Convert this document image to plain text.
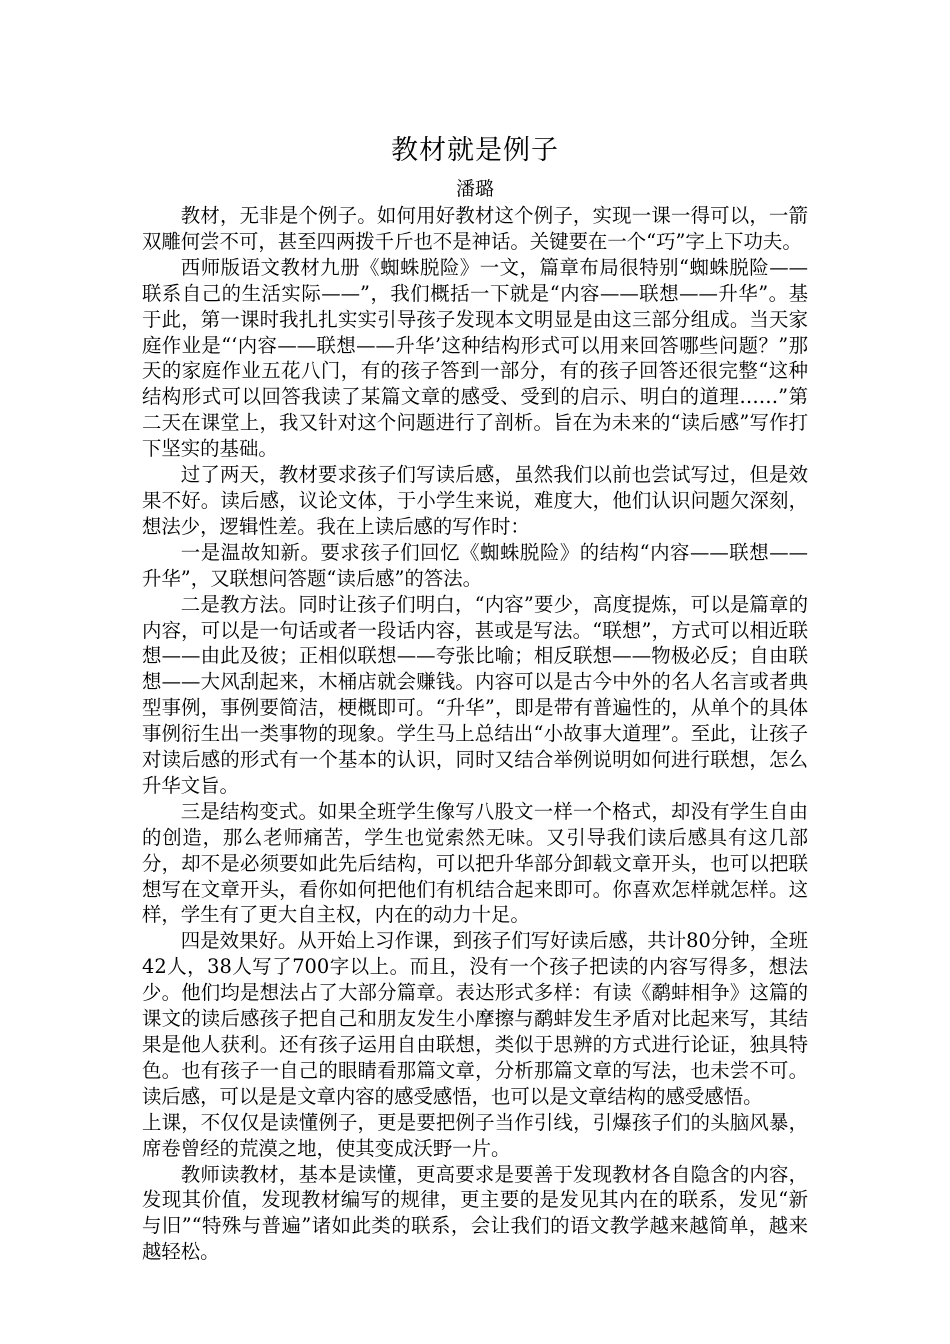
教材就是例子
潘璐

教材，无非是个例子。如何用好教材这个例子，实现一课一得可以，一箭双雕何尝不可，甚至四两拨千斤也不是神话。关键要在一个“巧”字上下功夫。

西师版语文教材九册《蜘蛛脱险》一文，篇章布局很特别“蜘蛛脱险——联系自己的生活实际——”，我们概括一下就是“内容——联想——升华”。基于此，第一课时我扎扎实实引导孩子发现本文明显是由这三部分组成。当天家庭作业是“‘内容——联想——升华’这种结构形式可以用来回答哪些问题？”那天的家庭作业五花八门，有的孩子答到一部分，有的孩子回答还很完整“这种结构形式可以回答我读了某篇文章的感受、受到的启示、明白的道理……”第二天在课堂上，我又针对这个问题进行了剖析。旨在为未来的“读后感”写作打下坚实的基础。

过了两天，教材要求孩子们写读后感，虽然我们以前也尝试写过，但是效果不好。读后感，议论文体，于小学生来说，难度大，他们认识问题欠深刻，想法少，逻辑性差。我在上读后感的写作时：

一是温故知新。要求孩子们回忆《蜘蛛脱险》的结构“内容——联想——升华”，又联想问答题“读后感”的答法。

二是教方法。同时让孩子们明白，“内容”要少，高度提炼，可以是篇章的内容，可以是一句话或者一段话内容，甚或是写法。“联想”，方式可以相近联想——由此及彼；正相似联想——夸张比喻；相反联想——物极必反；自由联想——大风刮起来，木桶店就会赚钱。内容可以是古今中外的名人名言或者典型事例，事例要简洁，梗概即可。“升华”，即是带有普遍性的，从单个的具体事例衍生出一类事物的现象。学生马上总结出“小故事大道理”。至此，让孩子对读后感的形式有一个基本的认识，同时又结合举例说明如何进行联想，怎么升华文旨。

三是结构变式。如果全班学生像写八股文一样一个格式，却没有学生自由的创造，那么老师痛苦，学生也觉索然无味。又引导我们读后感具有这几部分，却不是必须要如此先后结构，可以把升华部分卸载文章开头，也可以把联想写在文章开头，看你如何把他们有机结合起来即可。你喜欢怎样就怎样。这样，学生有了更大自主权，内在的动力十足。

四是效果好。从开始上习作课，到孩子们写好读后感，共计80分钟，全班42人，38人写了700字以上。而且，没有一个孩子把读的内容写得多，想法少。他们均是想法占了大部分篇章。表达形式多样：有读《鹬蚌相争》这篇的课文的读后感孩子把自己和朋友发生小摩擦与鹬蚌发生矛盾对比起来写，其结果是他人获利。还有孩子运用自由联想，类似于思辨的方式进行论证，独具特色。也有孩子一自己的眼睛看那篇文章，分析那篇文章的写法，也未尝不可。读后感，可以是是文章内容的感受感悟，也可以是文章结构的感受感悟。

上课，不仅仅是读懂例子，更是要把例子当作引线，引爆孩子们的头脑风暴，席卷曾经的荒漠之地，使其变成沃野一片。

教师读教材，基本是读懂，更高要求是要善于发现教材各自隐含的内容，发现其价值，发现教材编写的规律，更主要的是发见其内在的联系，发见“新与旧”“特殊与普遍”诸如此类的联系，会让我们的语文教学越来越简单，越来越轻松。
